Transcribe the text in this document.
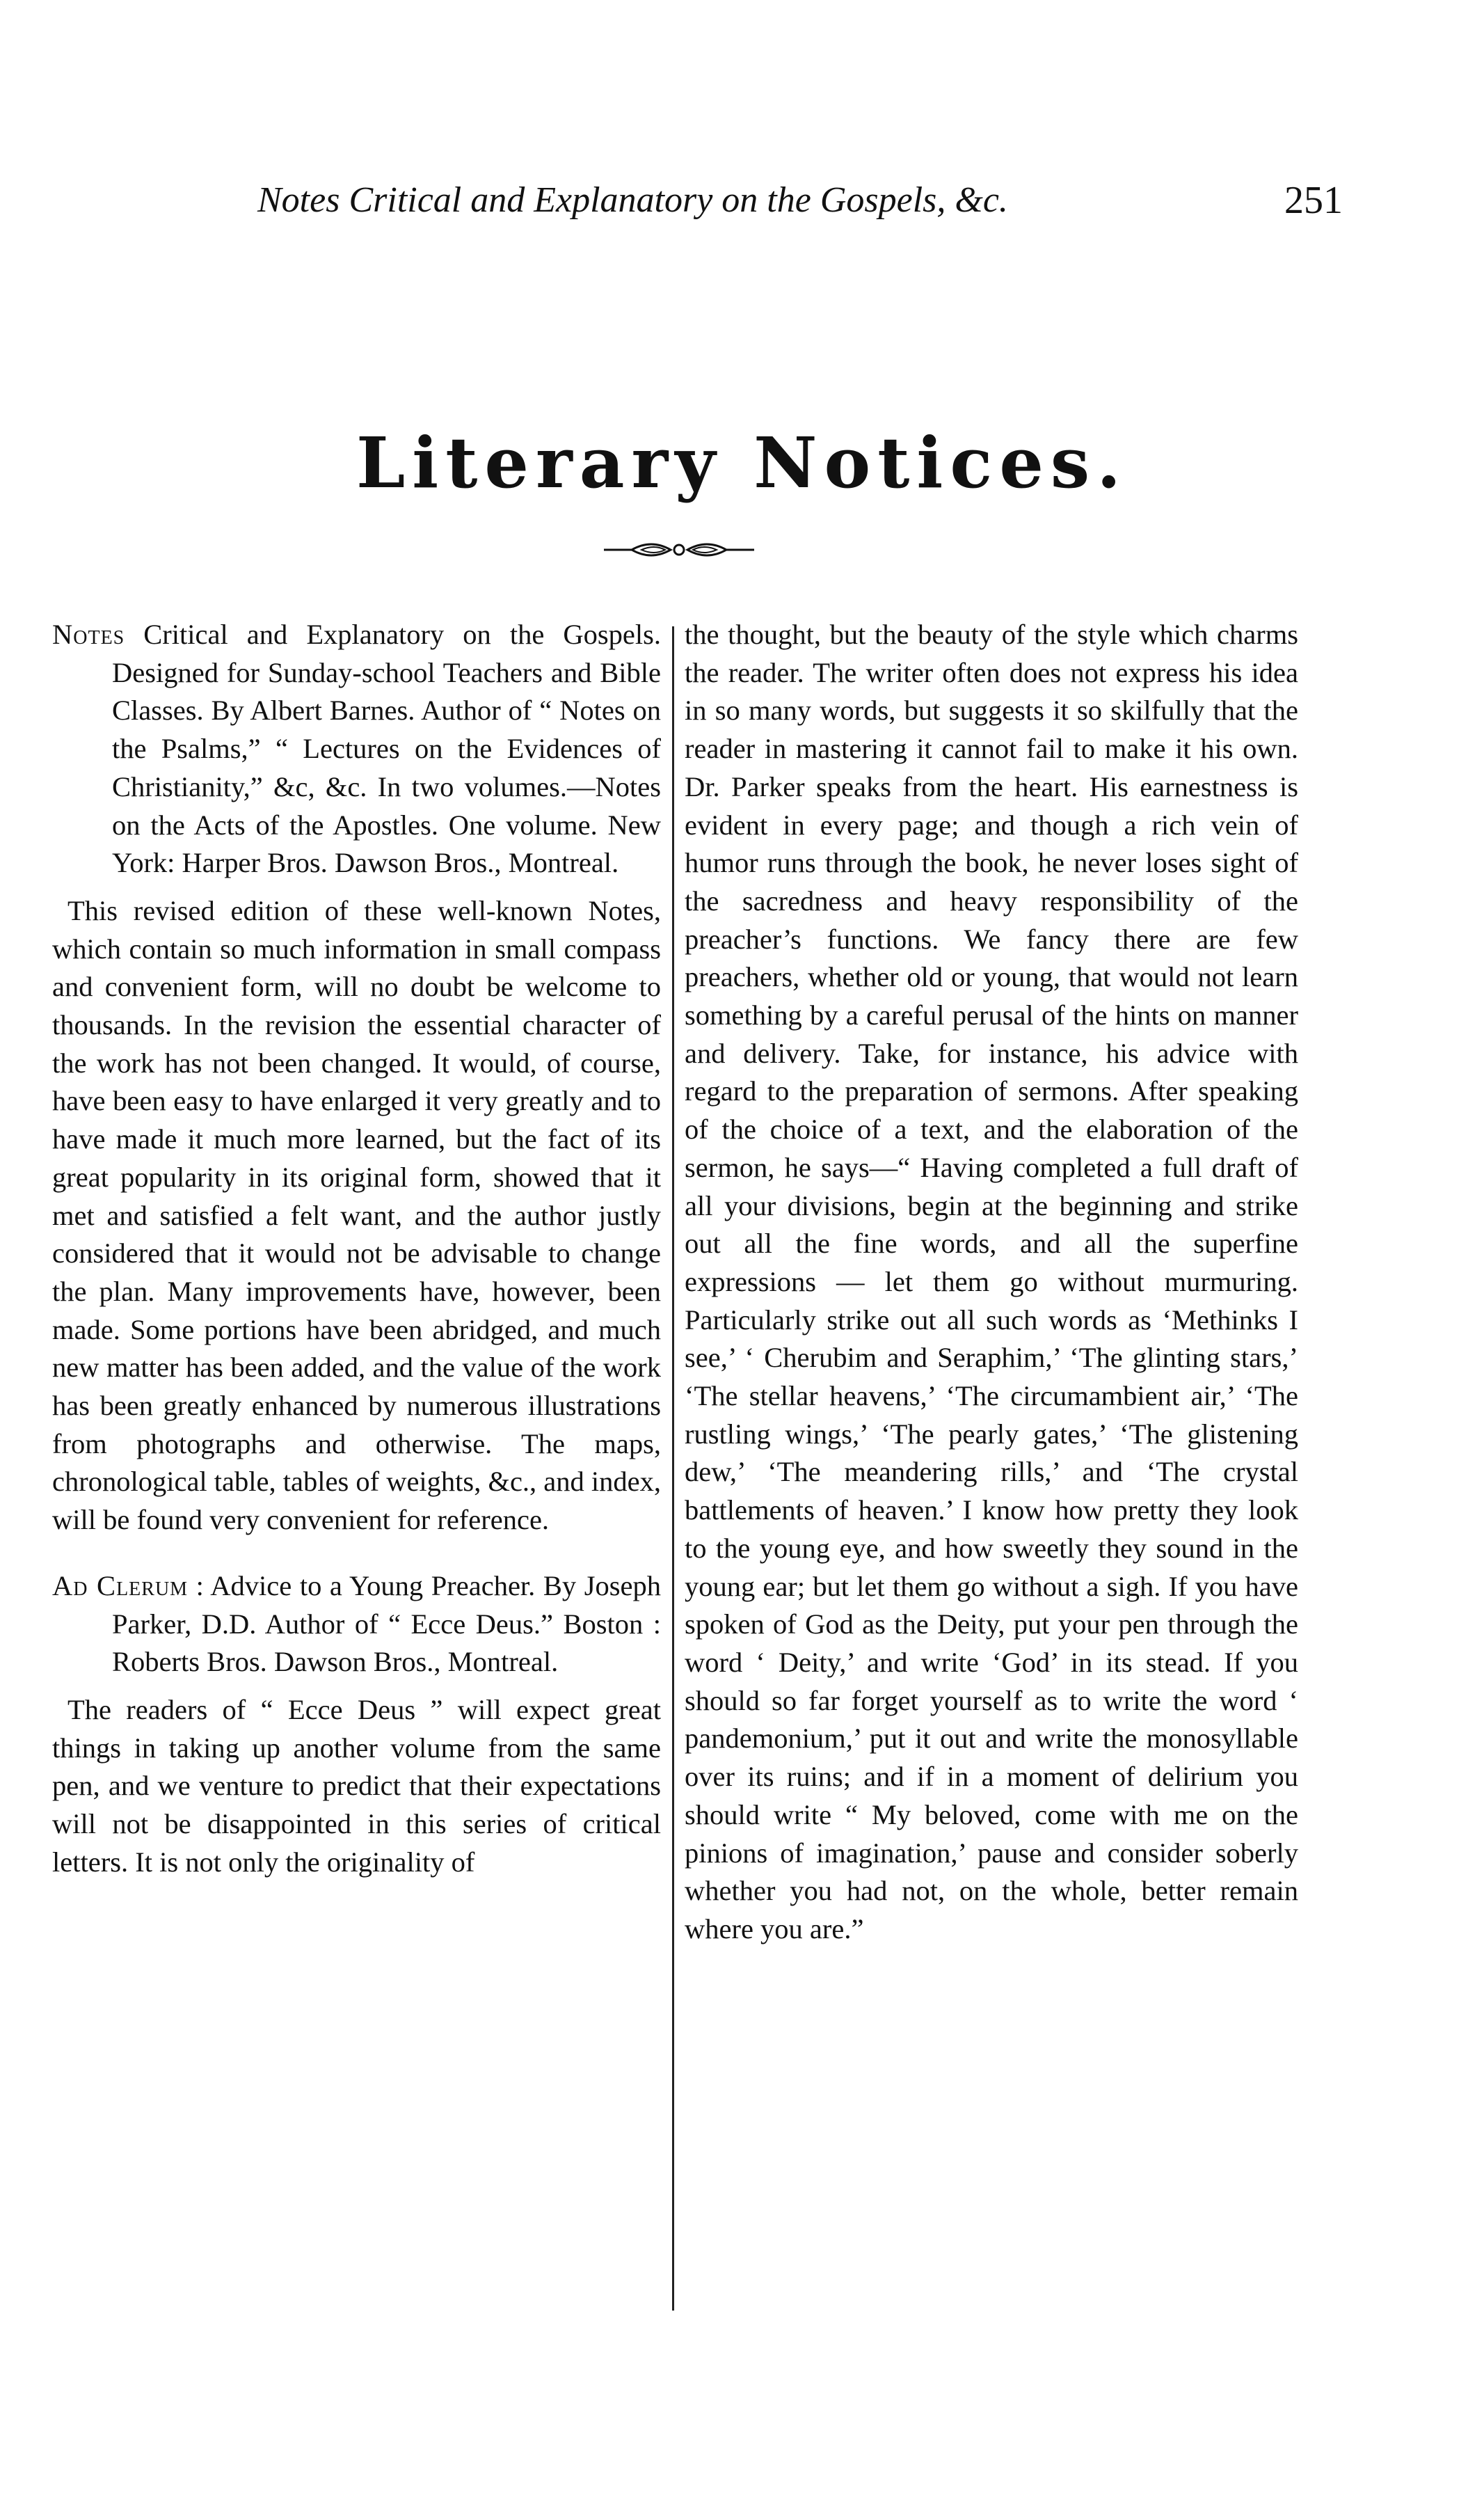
Notes Critical and Explanatory on the Gospels, &c.	251
Literary Notices.

Notes Critical and Explanatory on the Gospels. Designed for Sunday-school Teachers and Bible Classes. By Albert Barnes. Author of “ Notes on the Psalms,” “ Lectures on the Evidences of Christianity,” &c, &c. In two volumes.—Notes on the Acts of the Apostles. One volume. New York: Harper Bros. Dawson Bros., Montreal.

This revised edition of these well-known Notes, which contain so much information in small compass and convenient form, will no doubt be welcome to thousands. In the revision the essential character of the work has not been changed. It would, of course, have been easy to have enlarged it very greatly and to have made it much more learned, but the fact of its great popularity in its original form, showed that it met and satisfied a felt want, and the author justly considered that it would not be advisable to change the plan. Many improvements have, however, been made. Some portions have been abridged, and much new matter has been added, and the value of the work has been greatly enhanced by numerous illustrations from photographs and otherwise. The maps, chronological table, tables of weights, &c., and index, will be found very convenient for reference.

Ad Clerum : Advice to a Young Preacher. By Joseph Parker, D.D. Author of “ Ecce Deus.” Boston : Roberts Bros. Dawson Bros., Montreal.

The readers of “ Ecce Deus ” will expect great things in taking up another volume from the same pen, and we venture to predict that their expectations will not be disappointed in this series of critical letters. It is not only the originality of

the thought, but the beauty of the style which charms the reader. The writer often does not express his idea in so many words, but suggests it so skilfully that the reader in mastering it cannot fail to make it his own. Dr. Parker speaks from the heart. His earnestness is evident in every page; and though a rich vein of humor runs through the book, he never loses sight of the sacredness and heavy responsibility of the preacher’s functions. We fancy there are few preachers, whether old or young, that would not learn something by a careful perusal of the hints on manner and delivery. Take, for instance, his advice with regard to the preparation of sermons. After speaking of the choice of a text, and the elaboration of the sermon, he says—“ Having completed a full draft of all your divisions, begin at the beginning and strike out all the fine words, and all the superfine expressions — let them go without murmuring. Particularly strike out all such words as ‘Methinks I see,’ ‘ Cherubim and Seraphim,’ ‘The glinting stars,’ ‘The stellar heavens,’ ‘The circumambient air,’ ‘The rustling wings,’ ‘The pearly gates,’ ‘The glistening dew,’ ‘The meandering rills,’ and ‘The crystal battlements of heaven.’ I know how pretty they look to the young eye, and how sweetly they sound in the young ear; but let them go without a sigh. If you have spoken of God as the Deity, put your pen through the word ‘ Deity,’ and write ‘God’ in its stead. If you should so far forget yourself as to write the word ‘ pandemonium,’ put it out and write the monosyllable over its ruins; and if in a moment of delirium you should write “ My beloved, come with me on the pinions of imagination,’ pause and consider soberly whether you had not, on the whole, better remain where you are.”
